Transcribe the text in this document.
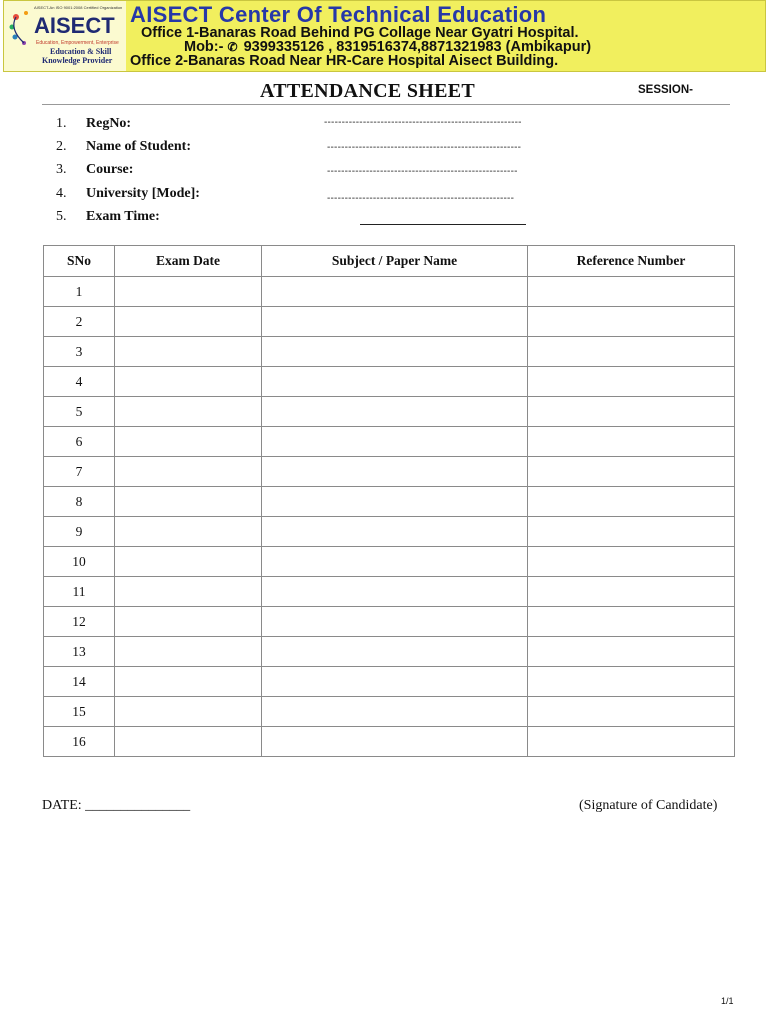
AISECT-An ISO 9001:2008 Certified Organization
AISECT
Education, Empowerment, Enterprise
Education & Skill
Knowledge Provider
AISECT Center Of Technical Education
Office 1-Banaras Road Behind PG Collage Near Gyatri Hospital.
Mob:- ✆ 9399335126 , 8319516374,8871321983 (Ambikapur)
Office 2-Banaras Road Near HR-Care Hospital Aisect Building.
ATTENDANCE SHEET	SESSION-
1. RegNo:	--------------------------------------------------------
2. Name of Student:	-------------------------------------------------------
3. Course:	------------------------------------------------------
4. University [Mode]:	-----------------------------------------------------
5. Exam Time:
SNo	Exam Date	Subject / Paper Name	Reference Number
1			
2			
3			
4			
5			
6			
7			
8			
9			
10			
11			
12			
13			
14			
15			
16			
DATE: _______________	(Signature of Candidate)
1/1
